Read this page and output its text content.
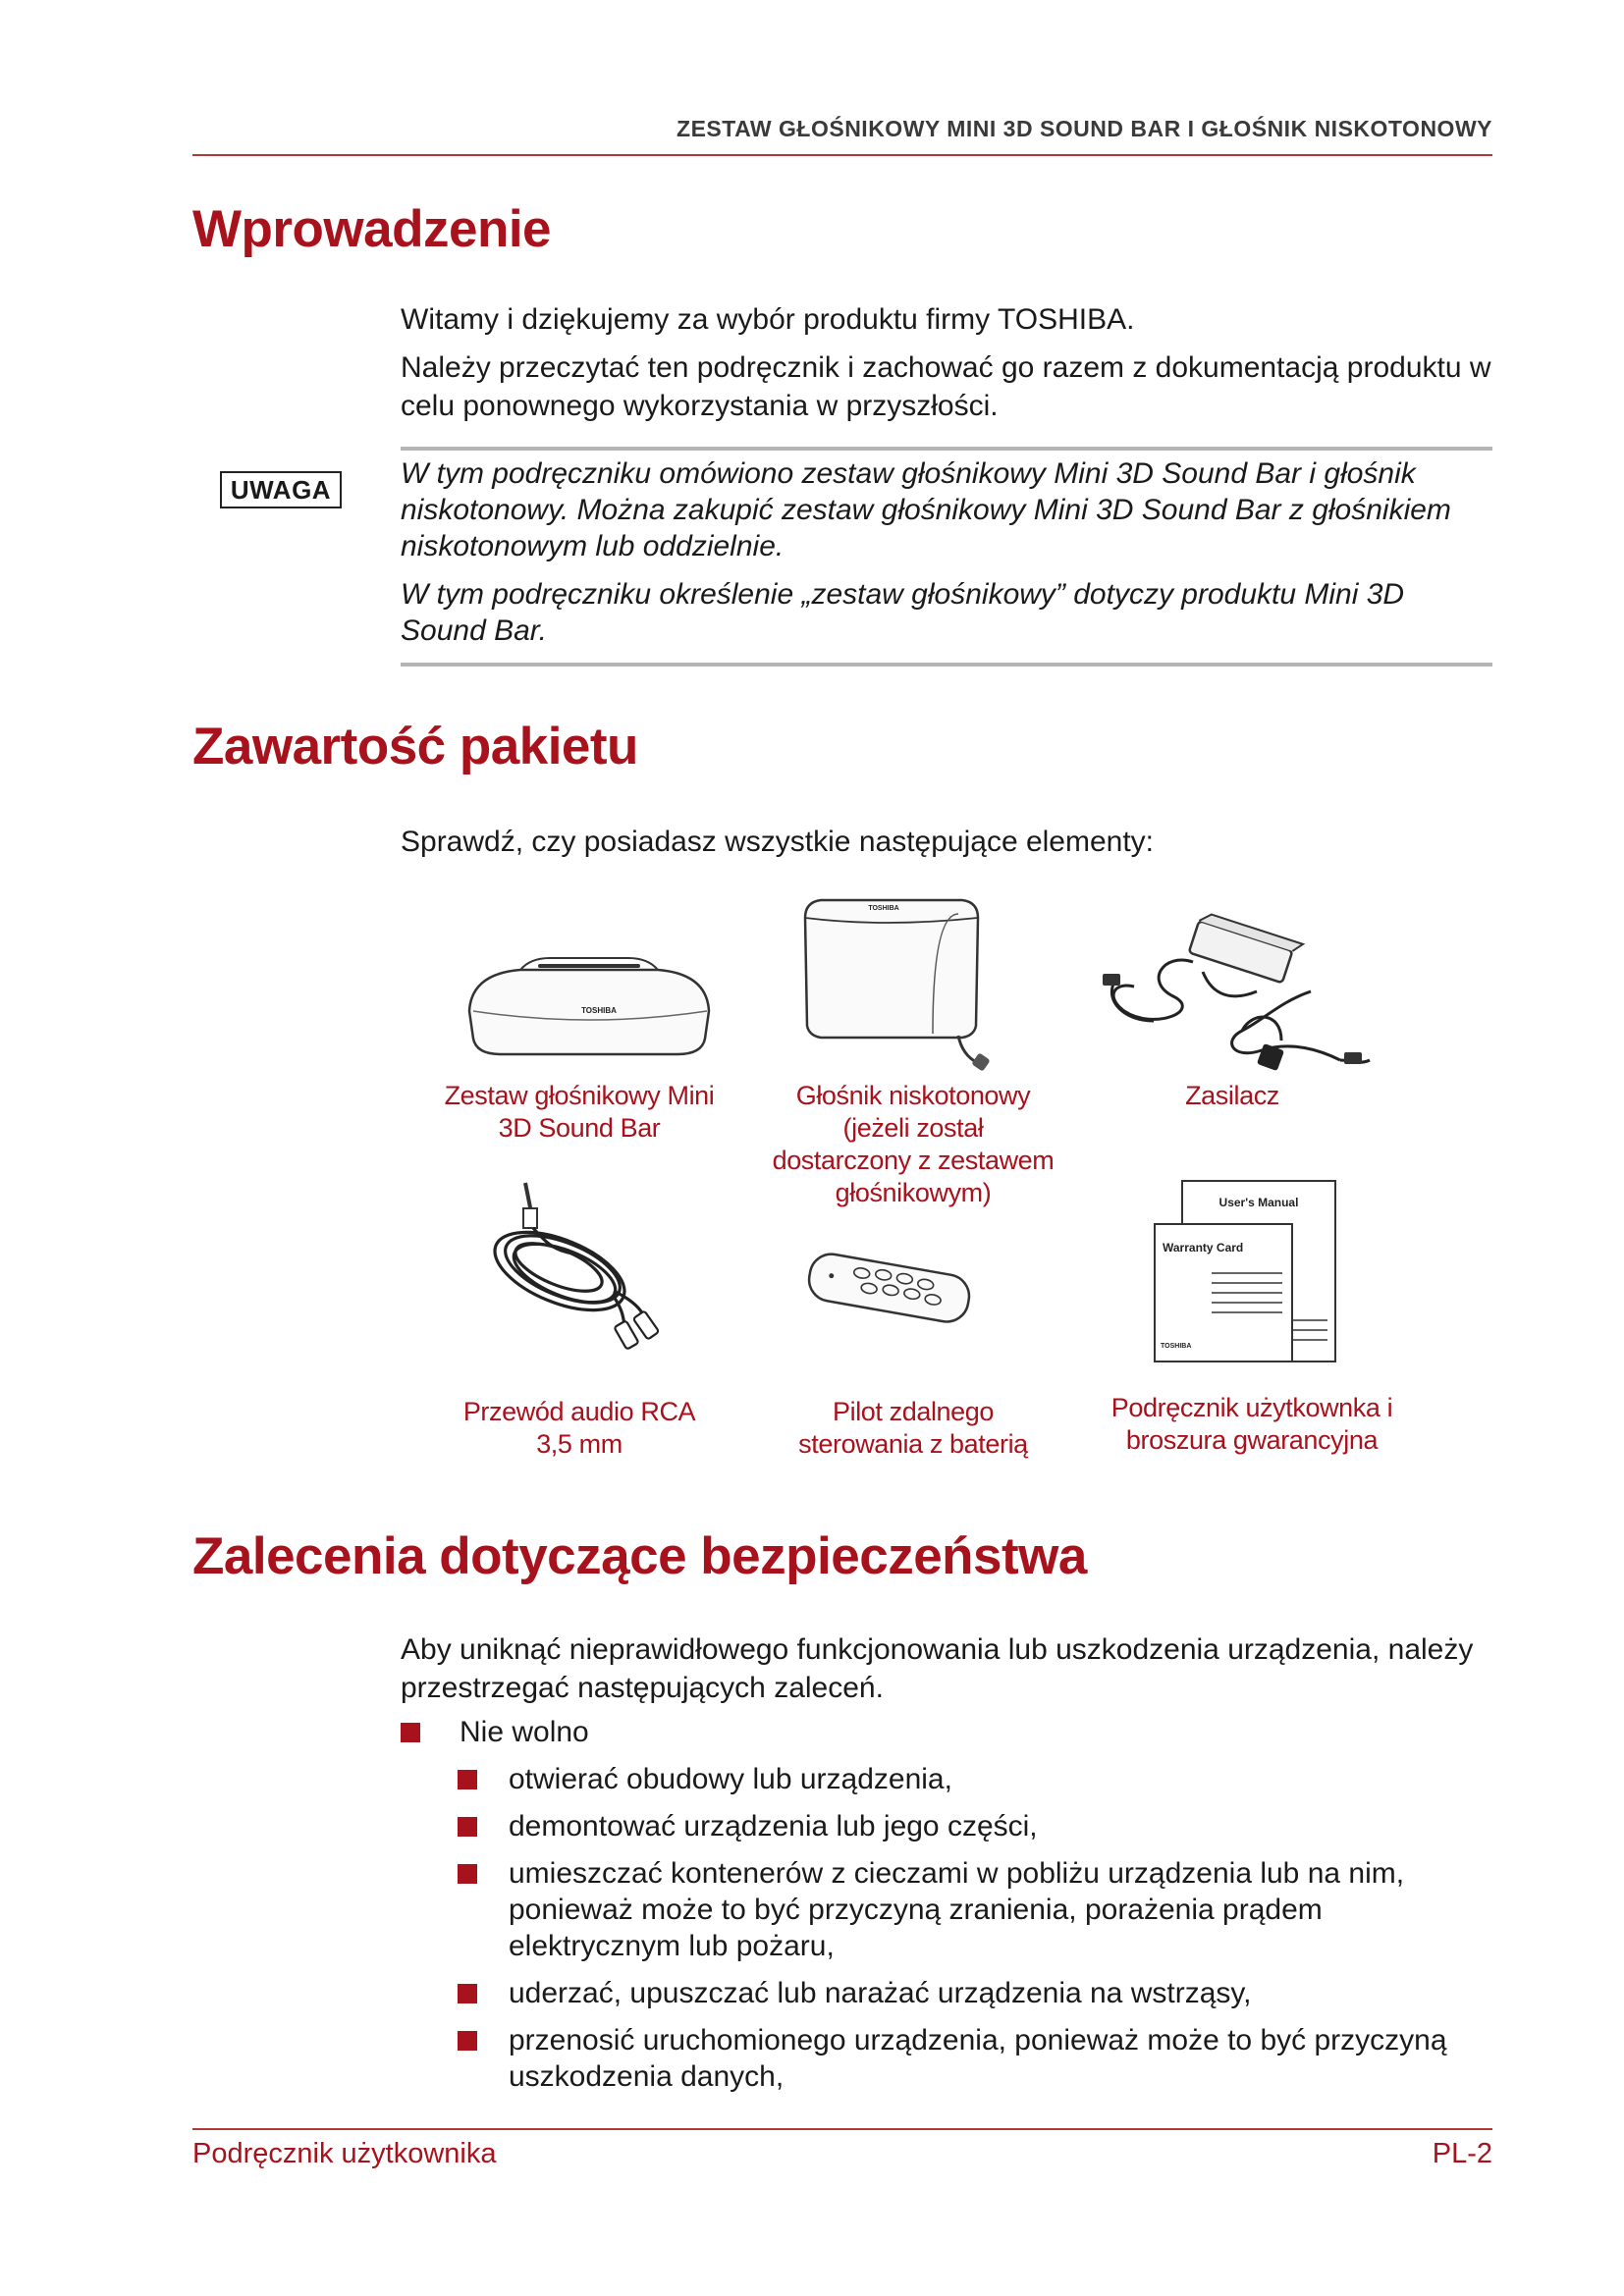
ZESTAW GŁOŚNIKOWY MINI 3D SOUND BAR I GŁOŚNIK NISKOTONOWY
Wprowadzenie

Witamy i dziękujemy za wybór produktu firmy TOSHIBA.

Należy przeczytać ten podręcznik i zachować go razem z dokumentacją produktu w celu ponownego wykorzystania w przyszłości.

UWAGA	W tym podręczniku omówiono zestaw głośnikowy Mini 3D Sound Bar i głośnik niskotonowy. Można zakupić zestaw głośnikowy Mini 3D Sound Bar z głośnikiem niskotonowym lub oddzielnie.

W tym podręczniku określenie „zestaw głośnikowy” dotyczy produktu Mini 3D Sound Bar.

Zawartość pakietu
Sprawdź, czy posiadasz wszystkie następujące elementy:
TOSHIBA
TOSHIBA
User's Manual
Warranty Card
TOSHIBA
Zestaw głośnikowy Mini
3D Sound Bar
Głośnik niskotonowy
(jeżeli został
dostarczony z zestawem
głośnikowym)
Zasilacz
Przewód audio RCA
3,5 mm
Pilot zdalnego
sterowania z baterią
Podręcznik użytkownka i
broszura gwarancyjna
Zalecenia dotyczące bezpieczeństwa
Aby uniknąć nieprawidłowego funkcjonowania lub uszkodzenia urządzenia, należy przestrzegać następujących zaleceń.
Nie wolno
otwierać obudowy lub urządzenia,
demontować urządzenia lub jego części,
umieszczać kontenerów z cieczami w pobliżu urządzenia lub na nim, ponieważ może to być przyczyną zranienia, porażenia prądem elektrycznym lub pożaru,
uderzać, upuszczać lub narażać urządzenia na wstrząsy,
przenosić uruchomionego urządzenia, ponieważ może to być przyczyną uszkodzenia danych,
Podręcznik użytkownika	PL-2
